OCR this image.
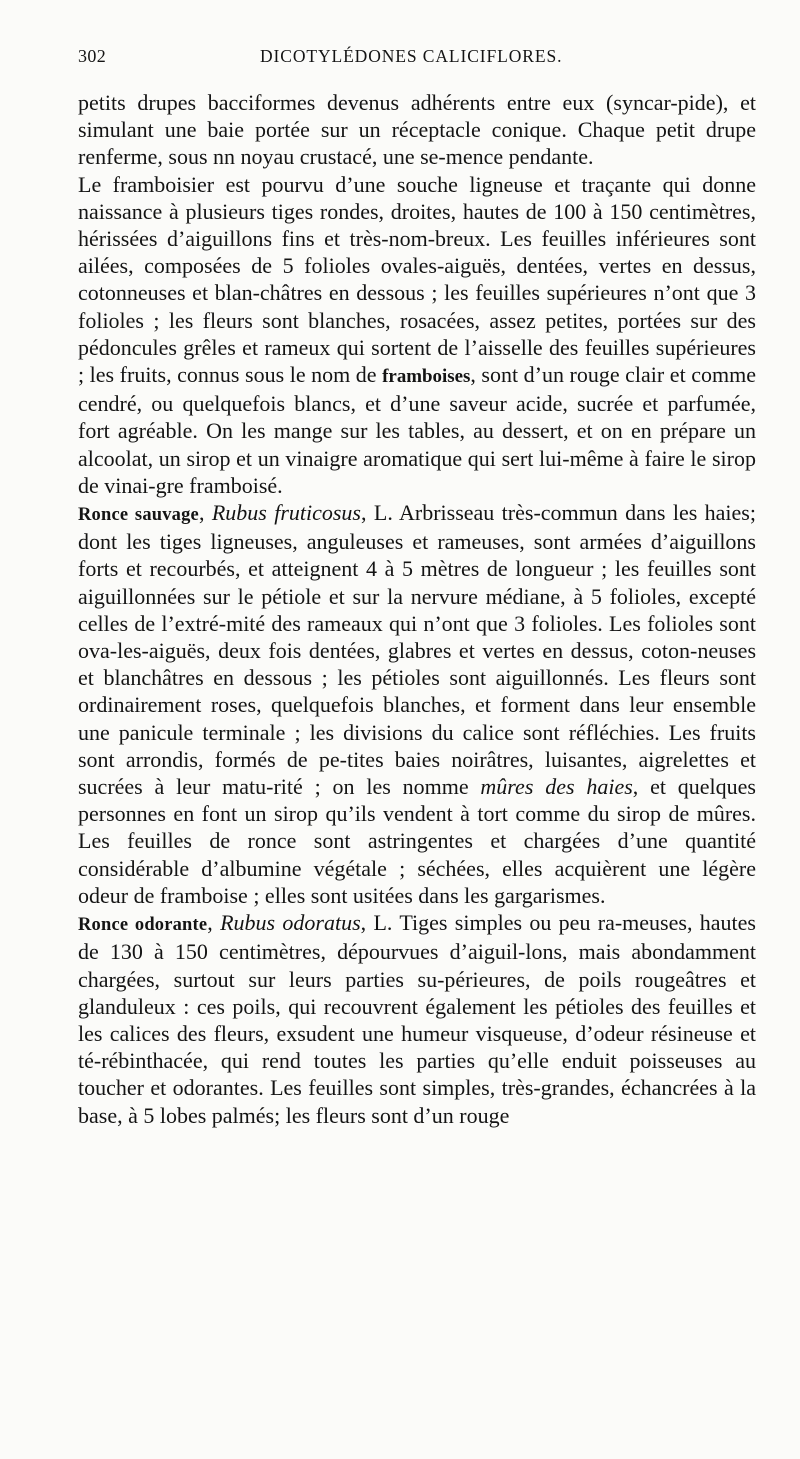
302	DICOTYLÉDONES CALICIFLORES.

petits drupes bacciformes devenus adhérents entre eux (syncar-pide), et simulant une baie portée sur un réceptacle conique. Chaque petit drupe renferme, sous nn noyau crustacé, une se-mence pendante.

Le framboisier est pourvu d’une souche ligneuse et traçante qui donne naissance à plusieurs tiges rondes, droites, hautes de 100 à 150 centimètres, hérissées d’aiguillons fins et très-nom-breux. Les feuilles inférieures sont ailées, composées de 5 folioles ovales-aiguës, dentées, vertes en dessus, cotonneuses et blan-châtres en dessous ; les feuilles supérieures n’ont que 3 folioles ; les fleurs sont blanches, rosacées, assez petites, portées sur des pédoncules grêles et rameux qui sortent de l’aisselle des feuilles supérieures ; les fruits, connus sous le nom de framboises, sont d’un rouge clair et comme cendré, ou quelquefois blancs, et d’une saveur acide, sucrée et parfumée, fort agréable. On les mange sur les tables, au dessert, et on en prépare un alcoolat, un sirop et un vinaigre aromatique qui sert lui-même à faire le sirop de vinai-gre framboisé.

Ronce sauvage, Rubus fruticosus, L. Arbrisseau très-commun dans les haies; dont les tiges ligneuses, anguleuses et rameuses, sont armées d’aiguillons forts et recourbés, et atteignent 4 à 5 mètres de longueur ; les feuilles sont aiguillonnées sur le pétiole et sur la nervure médiane, à 5 folioles, excepté celles de l’extré-mité des rameaux qui n’ont que 3 folioles. Les folioles sont ova-les-aiguës, deux fois dentées, glabres et vertes en dessus, coton-neuses et blanchâtres en dessous ; les pétioles sont aiguillonnés. Les fleurs sont ordinairement roses, quelquefois blanches, et forment dans leur ensemble une panicule terminale ; les divisions du calice sont réfléchies. Les fruits sont arrondis, formés de pe-tites baies noirâtres, luisantes, aigrelettes et sucrées à leur matu-rité ; on les nomme mûres des haies, et quelques personnes en font un sirop qu’ils vendent à tort comme du sirop de mûres. Les feuilles de ronce sont astringentes et chargées d’une quantité considérable d’albumine végétale ; séchées, elles acquièrent une légère odeur de framboise ; elles sont usitées dans les gargarismes.

Ronce odorante, Rubus odoratus, L. Tiges simples ou peu ra-meuses, hautes de 130 à 150 centimètres, dépourvues d’aiguil-lons, mais abondamment chargées, surtout sur leurs parties su-périeures, de poils rougeâtres et glanduleux : ces poils, qui recouvrent également les pétioles des feuilles et les calices des fleurs, exsudent une humeur visqueuse, d’odeur résineuse et té-rébinthacée, qui rend toutes les parties qu’elle enduit poisseuses au toucher et odorantes. Les feuilles sont simples, très-grandes, échancrées à la base, à 5 lobes palmés; les fleurs sont d’un rouge
